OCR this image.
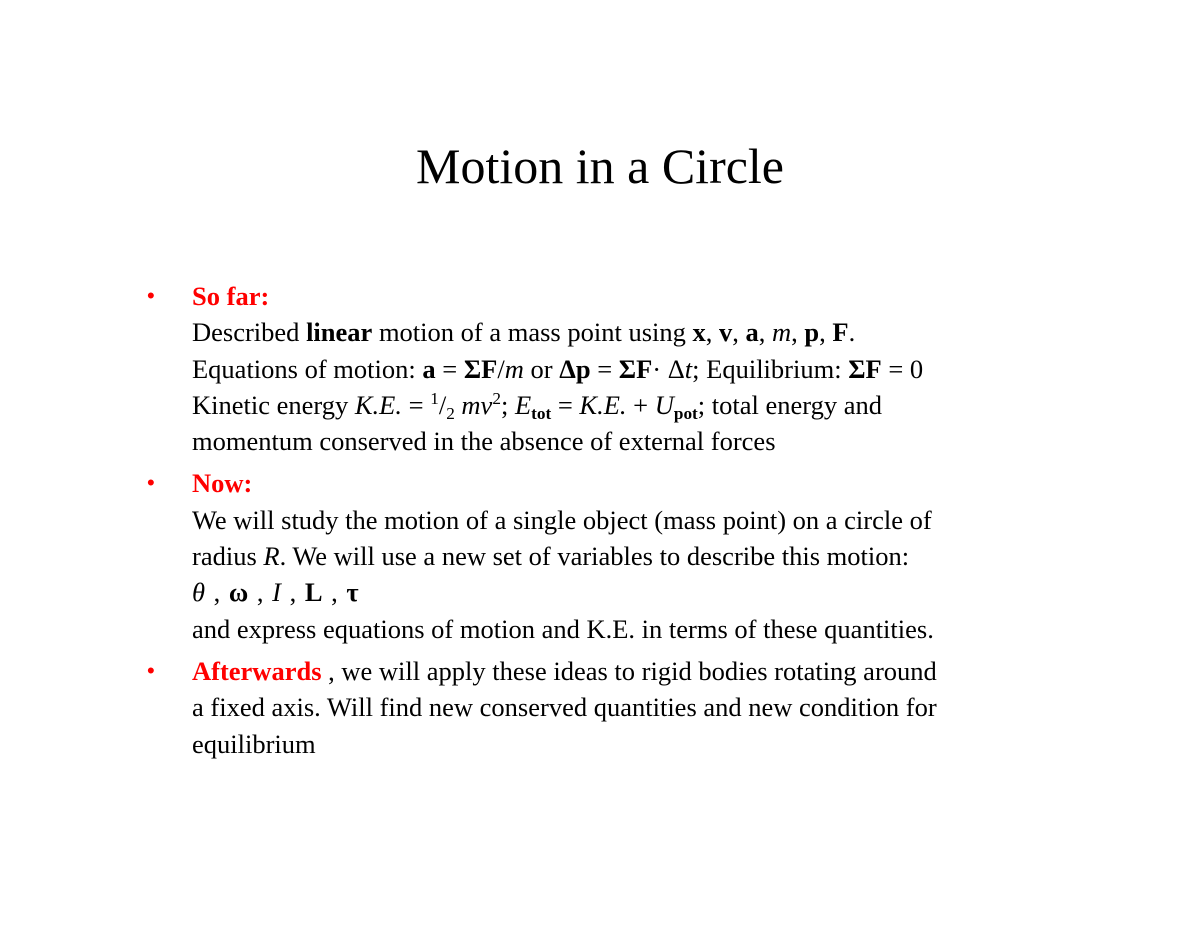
Motion in a Circle
• So far:
Described linear motion of a mass point using x, v, a, m, p, F.
Equations of motion: a = ΣF/m or Δp = ΣF· Δt; Equilibrium: ΣF = 0
Kinetic energy K.E. = $^1/_2$ $mv^2$; $E_{tot} = K.E$. + $U_{pot}$; total energy and
momentum conserved in the absence of external forces
• Now:
We will study the motion of a single object (mass point) on a circle of
radius R. We will use a new set of variables to describe this motion:
θ , ω , I , L , τ
and express equations of motion and K.E. in terms of these quantities.
• Afterwards , we will apply these ideas to rigid bodies rotating around
a fixed axis. Will find new conserved quantities and new condition for
equilibrium
